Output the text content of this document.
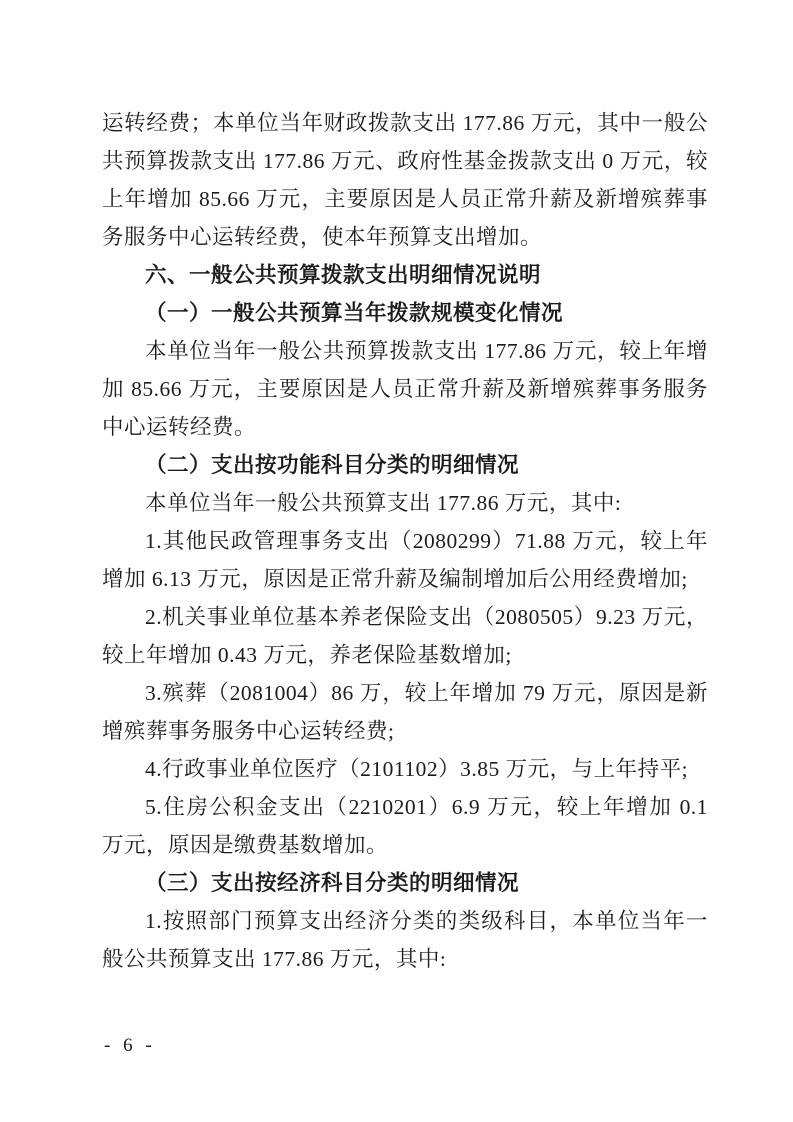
运转经费；本单位当年财政拨款支出 177.86 万元，其中一般公共预算拨款支出 177.86 万元、政府性基金拨款支出 0 万元，较上年增加 85.66 万元，主要原因是人员正常升薪及新增殡葬事务服务中心运转经费，使本年预算支出增加。

六、一般公共预算拨款支出明细情况说明

（一）一般公共预算当年拨款规模变化情况

本单位当年一般公共预算拨款支出 177.86 万元，较上年增加 85.66 万元，主要原因是人员正常升薪及新增殡葬事务服务中心运转经费。

（二）支出按功能科目分类的明细情况

本单位当年一般公共预算支出 177.86 万元，其中:

1.其他民政管理事务支出（2080299）71.88 万元，较上年增加 6.13 万元，原因是正常升薪及编制增加后公用经费增加;

2.机关事业单位基本养老保险支出（2080505）9.23 万元，较上年增加 0.43 万元，养老保险基数增加;

3.殡葬（2081004）86 万，较上年增加 79 万元，原因是新增殡葬事务服务中心运转经费;

4.行政事业单位医疗（2101102）3.85 万元，与上年持平;

5.住房公积金支出（2210201）6.9 万元，较上年增加 0.1 万元，原因是缴费基数增加。

（三）支出按经济科目分类的明细情况

1.按照部门预算支出经济分类的类级科目，本单位当年一般公共预算支出 177.86 万元，其中:

- 6 -
